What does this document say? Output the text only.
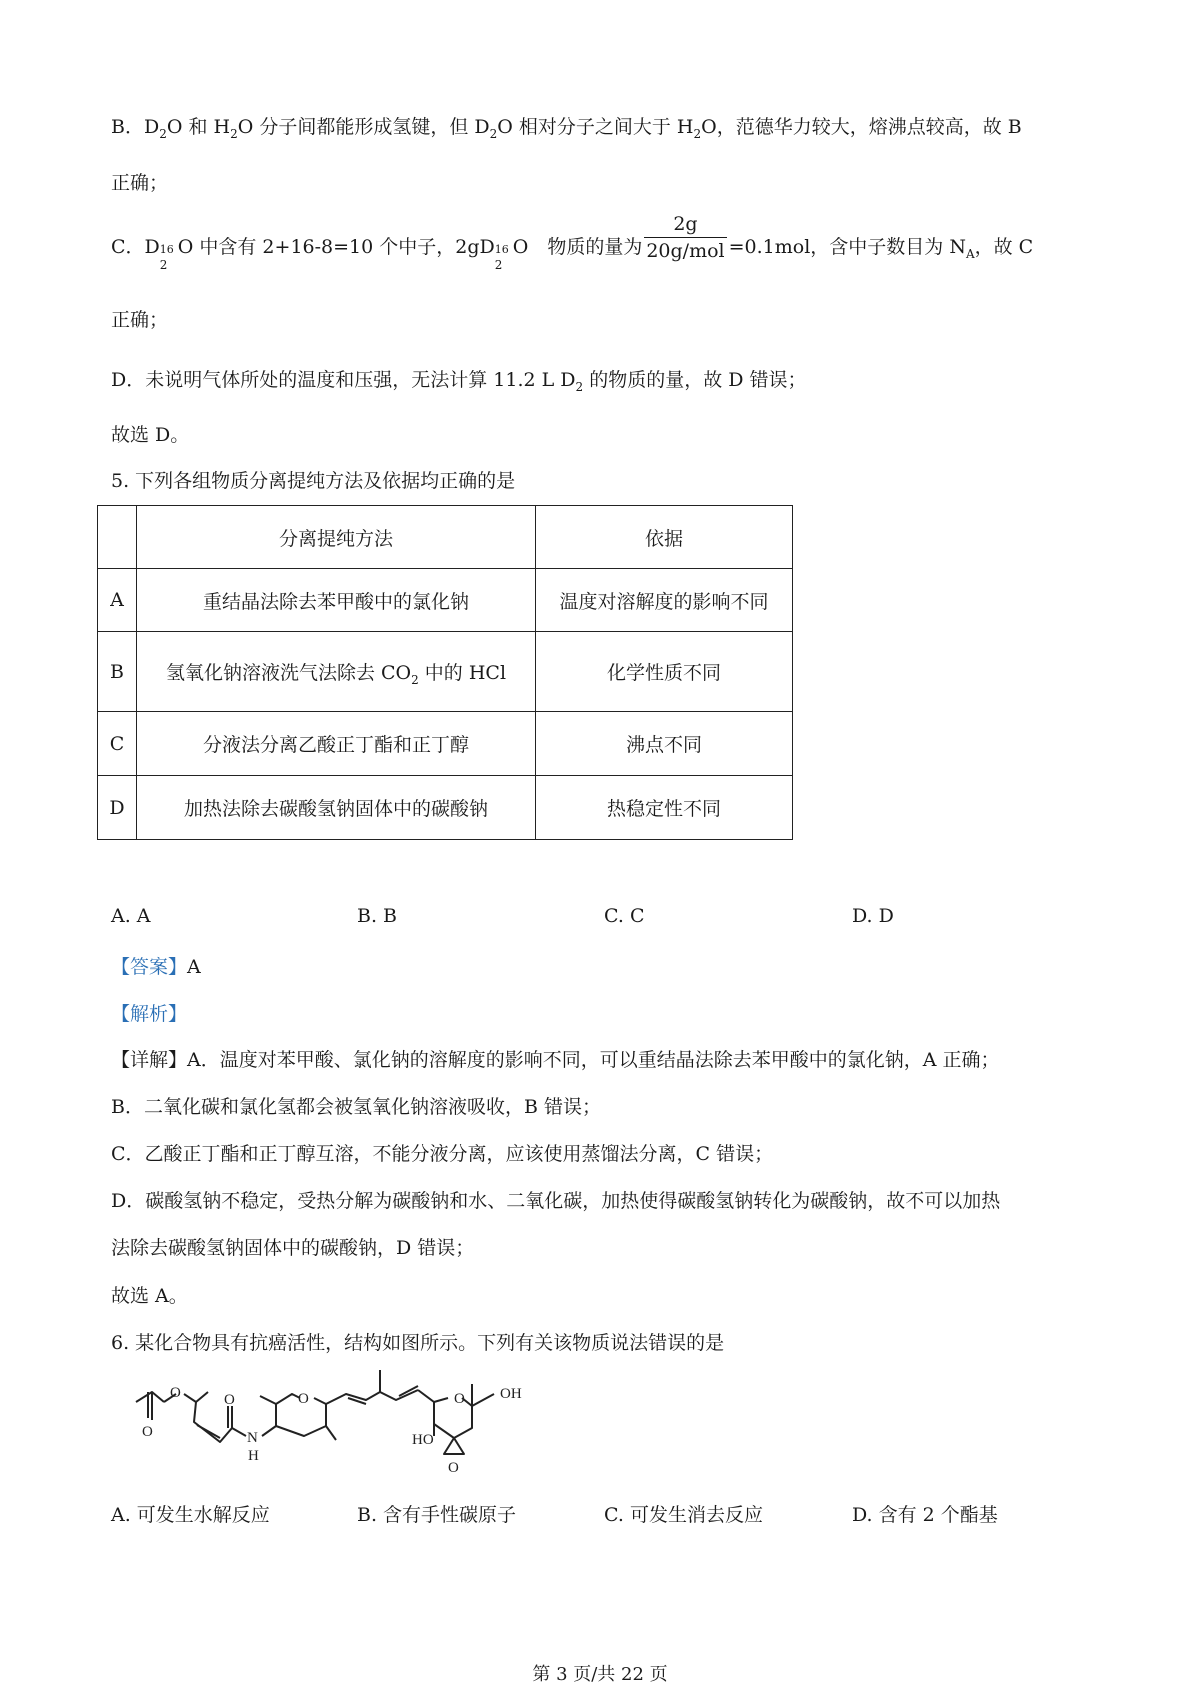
B．$D_2O$ 和 $H_2O$ 分子间都能形成氢键，但 $D_2O$ 相对分子之间大于 $H_2O$，范德华力较大，熔沸点较高，故 B
正确；
C．D
2
16 O 中含有 2+16-8=10 个中子，2gD
2
16 O　物质的量为 $\frac{2g}{\text{20g/mol}} =0.1mol$，含中子数目为 $N_A$，故 C
正确；
D．未说明气体所处的温度和压强，无法计算 11.2 L $D_2$ 的物质的量，故 D 错误；
故选 D。
5. 下列各组物质分离提纯方法及依据均正确的是
	分离提纯方法	依据
A	重结晶法除去苯甲酸中的氯化钠	温度对溶解度的影响不同
B	氢氧化钠溶液洗气法除去 $CO_2$ 中的 HCl	化学性质不同
C	分液法分离乙酸正丁酯和正丁醇	沸点不同
D	加热法除去碳酸氢钠固体中的碳酸钠	热稳定性不同
A. A	B. B	C. C	D. D
【答案】A
【解析】
【详解】A．温度对苯甲酸、氯化钠的溶解度的影响不同，可以重结晶法除去苯甲酸中的氯化钠，A 正确；
B．二氧化碳和氯化氢都会被氢氧化钠溶液吸收，B 错误；
C．乙酸正丁酯和正丁醇互溶，不能分液分离，应该使用蒸馏法分离，C 错误；
D．碳酸氢钠不稳定，受热分解为碳酸钠和水、二氧化碳，加热使得碳酸氢钠转化为碳酸钠，故不可以加热
法除去碳酸氢钠固体中的碳酸钠，D 错误；
故选 A。
6. 某化合物具有抗癌活性，结构如图所示。下列有关该物质说法错误的是
O	O	O OH
HO
N
H
O
O
O
A. 可发生水解反应	B. 含有手性碳原子	C. 可发生消去反应	D. 含有 2 个酯基
第 3 页/共 22 页
